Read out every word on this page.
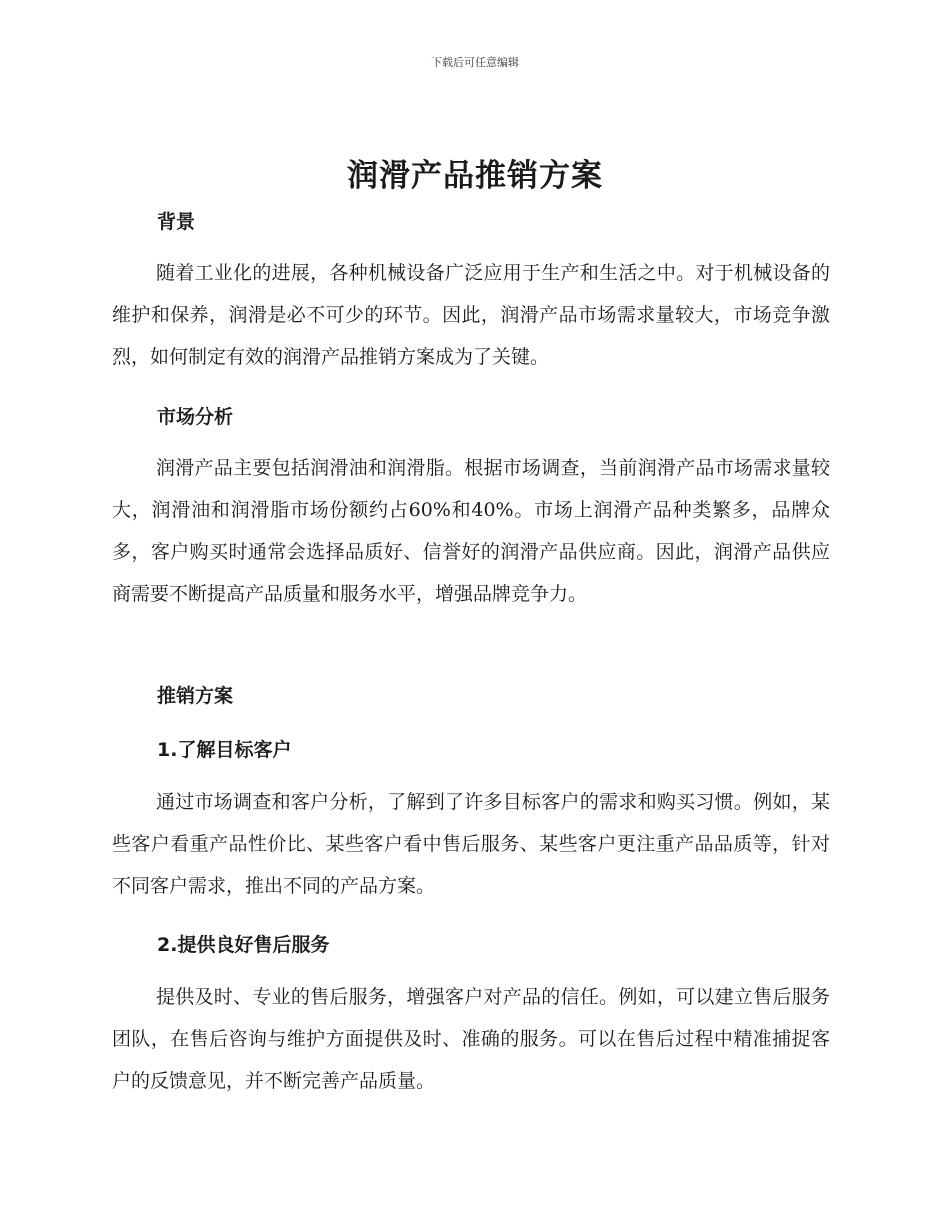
下载后可任意编辑
润滑产品推销方案
背景
随着工业化的进展，各种机械设备广泛应用于生产和生活之中。对于机械设备的维护和保养，润滑是必不可少的环节。因此，润滑产品市场需求量较大，市场竞争激烈，如何制定有效的润滑产品推销方案成为了关键。
市场分析
润滑产品主要包括润滑油和润滑脂。根据市场调查，当前润滑产品市场需求量较大，润滑油和润滑脂市场份额约占60%和40%。市场上润滑产品种类繁多，品牌众多，客户购买时通常会选择品质好、信誉好的润滑产品供应商。因此，润滑产品供应商需要不断提高产品质量和服务水平，增强品牌竞争力。
推销方案
1.了解目标客户
通过市场调查和客户分析，了解到了许多目标客户的需求和购买习惯。例如，某些客户看重产品性价比、某些客户看中售后服务、某些客户更注重产品品质等，针对不同客户需求，推出不同的产品方案。
2.提供良好售后服务
提供及时、专业的售后服务，增强客户对产品的信任。例如，可以建立售后服务团队，在售后咨询与维护方面提供及时、准确的服务。可以在售后过程中精准捕捉客户的反馈意见，并不断完善产品质量。
